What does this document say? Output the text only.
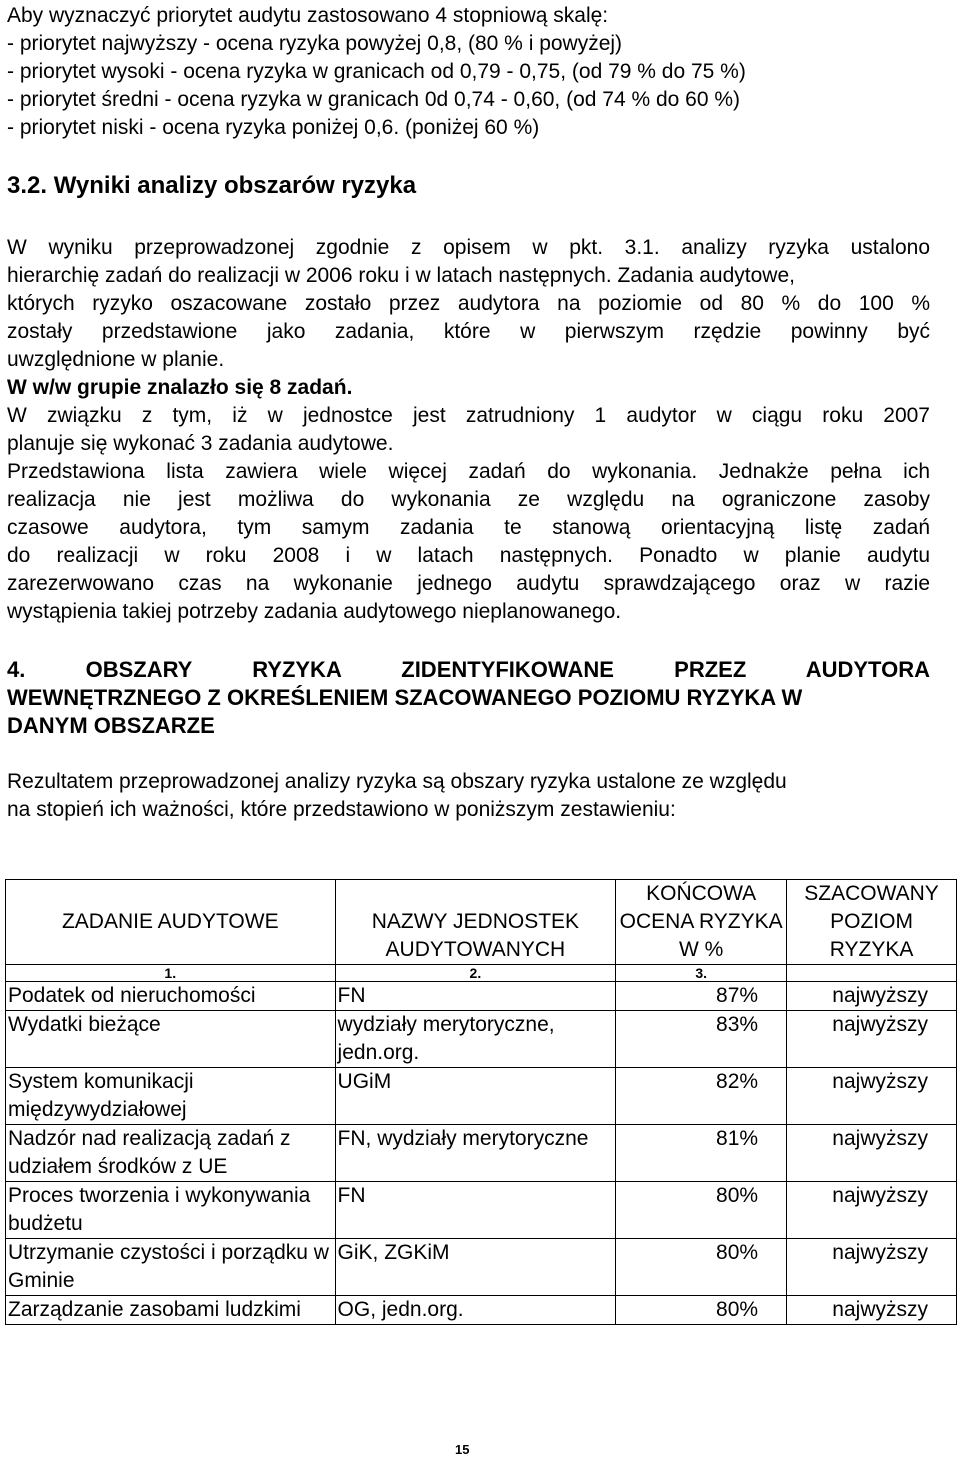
Aby wyznaczyć priorytet audytu zastosowano 4 stopniową skalę:
- priorytet najwyższy - ocena ryzyka powyżej 0,8, (80 % i powyżej)
- priorytet wysoki - ocena ryzyka w granicach od 0,79 - 0,75, (od 79 % do 75 %)
- priorytet średni - ocena ryzyka w granicach 0d 0,74 - 0,60, (od 74 % do 60 %)
- priorytet niski - ocena ryzyka poniżej 0,6. (poniżej 60 %)
3.2. Wyniki analizy obszarów ryzyka
W wyniku przeprowadzonej zgodnie z opisem w pkt. 3.1. analizy ryzyka ustalono
hierarchię zadań do realizacji w 2006 roku i w latach następnych. Zadania audytowe,
których ryzyko oszacowane zostało przez audytora na poziomie od 80 % do 100 %
zostały przedstawione jako zadania, które w pierwszym rzędzie powinny być
uwzględnione w planie.
W w/w grupie znalazło się 8 zadań.
W związku z tym, iż w jednostce jest zatrudniony 1 audytor w ciągu roku 2007
planuje się wykonać 3 zadania audytowe.
Przedstawiona lista zawiera wiele więcej zadań do wykonania. Jednakże pełna ich
realizacja nie jest możliwa do wykonania ze względu na ograniczone zasoby
czasowe audytora, tym samym zadania te stanową orientacyjną listę zadań
do realizacji w roku 2008 i w latach następnych. Ponadto w planie audytu
zarezerwowano czas na wykonanie jednego audytu sprawdzającego oraz w razie
wystąpienia takiej potrzeby zadania audytowego nieplanowanego.
4. OBSZARY RYZYKA ZIDENTYFIKOWANE PRZEZ AUDYTORA
WEWNĘTRZNEGO Z OKREŚLENIEM SZACOWANEGO POZIOMU RYZYKA W
DANYM OBSZARZE
Rezultatem przeprowadzonej analizy ryzyka są obszary ryzyka ustalone ze względu
na stopień ich ważności, które przedstawiono w poniższym zestawieniu:
ZADANIE AUDYTOWE	NAZWY JEDNOSTEK AUDYTOWANYCH	KOŃCOWA OCENA RYZYKA W %	SZACOWANY POZIOM RYZYKA
1.	2.	3.	
Podatek od nieruchomości	FN	87%	najwyższy
Wydatki bieżące	wydziały merytoryczne, jedn.org.	83%	najwyższy
System komunikacji międzywydziałowej	UGiM	82%	najwyższy
Nadzór nad realizacją zadań z udziałem środków z UE	FN, wydziały merytoryczne	81%	najwyższy
Proces tworzenia i wykonywania budżetu	FN	80%	najwyższy
Utrzymanie czystości i porządku w Gminie	GiK, ZGKiM	80%	najwyższy
Zarządzanie zasobami ludzkimi	OG, jedn.org.	80%	najwyższy
15
